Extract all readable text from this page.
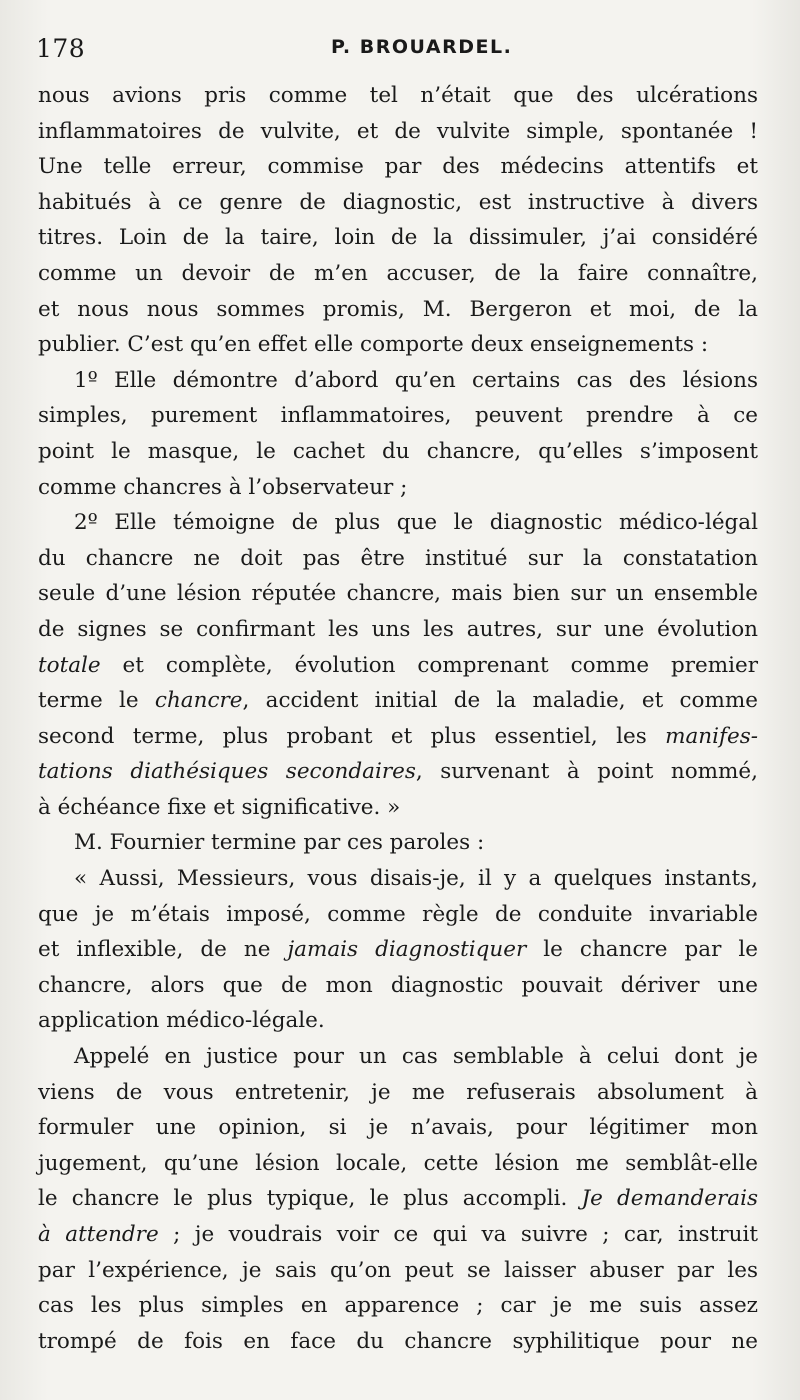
178	P. BROUARDEL.
nous avions pris comme tel n’était que des ulcérations
inflammatoires de vulvite, et de vulvite simple, spontanée !
Une telle erreur, commise par des médecins attentifs et
habitués à ce genre de diagnostic, est instructive à divers
titres. Loin de la taire, loin de la dissimuler, j’ai considéré
comme un devoir de m’en accuser, de la faire connaître,
et nous nous sommes promis, M. Bergeron et moi, de la
publier. C’est qu’en effet elle comporte deux enseignements :
1º Elle démontre d’abord qu’en certains cas des lésions
simples, purement inflammatoires, peuvent prendre à ce
point le masque, le cachet du chancre, qu’elles s’imposent
comme chancres à l’observateur ;
2º Elle témoigne de plus que le diagnostic médico-légal
du chancre ne doit pas être institué sur la constatation
seule d’une lésion réputée chancre, mais bien sur un ensemble
de signes se confirmant les uns les autres, sur une évolution
totale et complète, évolution comprenant comme premier
terme le chancre, accident initial de la maladie, et comme
second terme, plus probant et plus essentiel, les manifes-
tations diathésiques secondaires, survenant à point nommé,
à échéance fixe et significative. »
M. Fournier termine par ces paroles :
« Aussi, Messieurs, vous disais-je, il y a quelques instants,
que je m’étais imposé, comme règle de conduite invariable
et inflexible, de ne jamais diagnostiquer le chancre par le
chancre, alors que de mon diagnostic pouvait dériver une
application médico-légale.
Appelé en justice pour un cas semblable à celui dont je
viens de vous entretenir, je me refuserais absolument à
formuler une opinion, si je n’avais, pour légitimer mon
jugement, qu’une lésion locale, cette lésion me semblât-elle
le chancre le plus typique, le plus accompli. Je demanderais
à attendre ; je voudrais voir ce qui va suivre ; car, instruit
par l’expérience, je sais qu’on peut se laisser abuser par les
cas les plus simples en apparence ; car je me suis assez
trompé de fois en face du chancre syphilitique pour ne
